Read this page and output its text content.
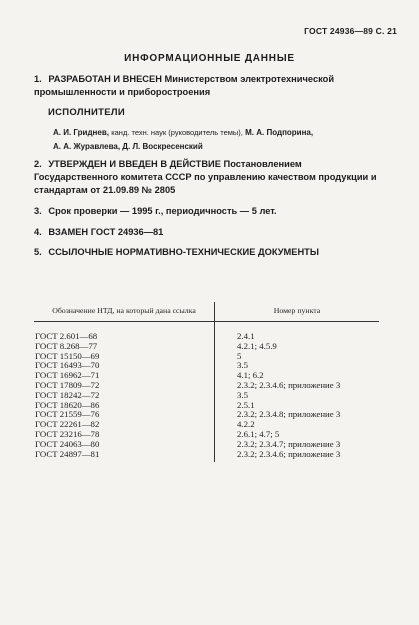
ГОСТ 24936—89 С. 21
ИНФОРМАЦИОННЫЕ ДАННЫЕ
1. РАЗРАБОТАН И ВНЕСЕН Министерством электротехнической промышленности и приборостроения
ИСПОЛНИТЕЛИ
А. И. Гриднев, канд. техн. наук (руководитель темы), М. А. Подпорина,
А. А. Журавлева, Д. Л. Воскресенский
2. УТВЕРЖДЕН И ВВЕДЕН В ДЕЙСТВИЕ Постановлением Государственного комитета СССР по управлению качеством продукции и стандартам от 21.09.89 № 2805
3. Срок проверки — 1995 г., периодичность — 5 лет.
4. ВЗАМЕН ГОСТ 24936—81
5. ССЫЛОЧНЫЕ НОРМАТИВНО-ТЕХНИЧЕСКИЕ ДОКУМЕНТЫ
Обозначение НТД, на который дана ссылка	Номер пункта
ГОСТ 2.601—68	2.4.1
ГОСТ 8.268—77	4.2.1; 4.5.9
ГОСТ 15150—69	5
ГОСТ 16493—70	3.5
ГОСТ 16962—71	4.1; 6.2
ГОСТ 17809—72	2.3.2; 2.3.4.6; приложение 3
ГОСТ 18242—72	3.5
ГОСТ 18620—86	2.5.1
ГОСТ 21559—76	2.3.2; 2.3.4.8; приложение 3
ГОСТ 22261—82	4.2.2
ГОСТ 23216—78	2.6.1; 4.7; 5
ГОСТ 24063—80	2.3.2; 2.3.4.7; приложение 3
ГОСТ 24897—81	2.3.2; 2.3.4.6; приложение 3
